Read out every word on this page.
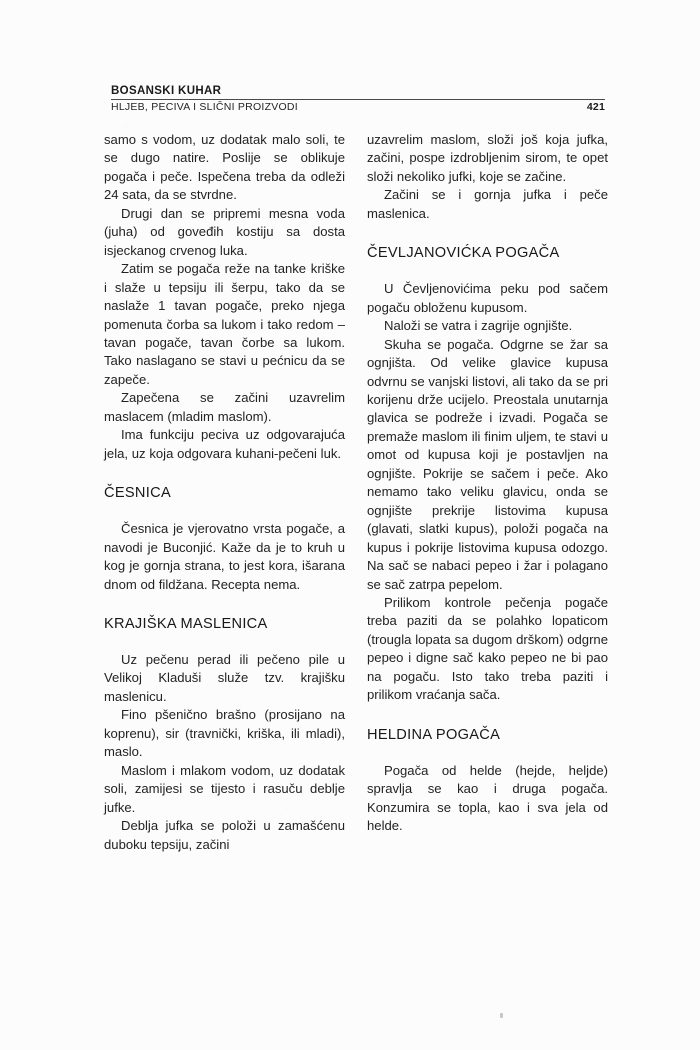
BOSANSKI KUHAR
HLJEB, PECIVA I SLIČNI PROIZVODI	421

samo s vodom, uz dodatak malo soli, te se dugo natire. Poslije se oblikuje pogača i peče. Ispečena treba da odleži 24 sata, da se stvrdne.

Drugi dan se pripremi mesna voda (juha) od goveđih kostiju sa dosta isjeckanog crvenog luka.

Zatim se pogača reže na tanke kriške i slaže u tepsiju ili šerpu, tako da se naslaže 1 tavan pogače, preko njega pomenuta čorba sa lukom i tako redom – tavan pogače, tavan čorbe sa lukom. Tako naslagano se stavi u pećnicu da se zapeče.

Zapečena se začini uzavrelim maslacem (mladim maslom).

Ima funkciju peciva uz odgovarajuća jela, uz koja odgovara kuhani-pečeni luk.

ČESNICA

Česnica je vjerovatno vrsta pogače, a navodi je Buconjić. Kaže da je to kruh u kog je gornja strana, to jest kora, išarana dnom od fildžana. Recepta nema.

KRAJIŠKA MASLENICA

Uz pečenu perad ili pečeno pile u Velikoj Kladuši služe tzv. krajišku maslenicu.

Fino pšenično brašno (prosijano na koprenu), sir (travnički, kriška, ili mladi), maslo.

Maslom i mlakom vodom, uz dodatak soli, zamijesi se tijesto i rasuču deblje jufke.

Deblja jufka se položi u zamašćenu duboku tepsiju, začini

uzavrelim maslom, složi još koja jufka, začini, pospe izdrobljenim sirom, te opet složi nekoliko jufki, koje se začine.

Začini se i gornja jufka i peče maslenica.

ČEVLJANOVIĆKA POGAČA

U Čevljenovićima peku pod sačem pogaču obloženu kupusom.

Naloži se vatra i zagrije ognjište.

Skuha se pogača. Odgrne se žar sa ognjišta. Od velike glavice kupusa odvrnu se vanjski listovi, ali tako da se pri korijenu drže ucijelo. Preostala unutarnja glavica se podreže i izvadi. Pogača se premaže maslom ili finim uljem, te stavi u omot od kupusa koji je postavljen na ognjište. Pokrije se sačem i peče. Ako nemamo tako veliku glavicu, onda se ognjište prekrije listovima kupusa (glavati, slatki kupus), položi pogača na kupus i pokrije listovima kupusa odozgo. Na sač se nabaci pepeo i žar i polagano se sač zatrpa pepelom.

Prilikom kontrole pečenja pogače treba paziti da se polahko lopaticom (trougla lopata sa dugom drškom) odgrne pepeo i digne sač kako pepeo ne bi pao na pogaču. Isto tako treba paziti i prilikom vraćanja sača.

HELDINA POGAČA

Pogača od helde (hejde, heljde) spravlja se kao i druga pogača. Konzumira se topla, kao i sva jela od helde.
